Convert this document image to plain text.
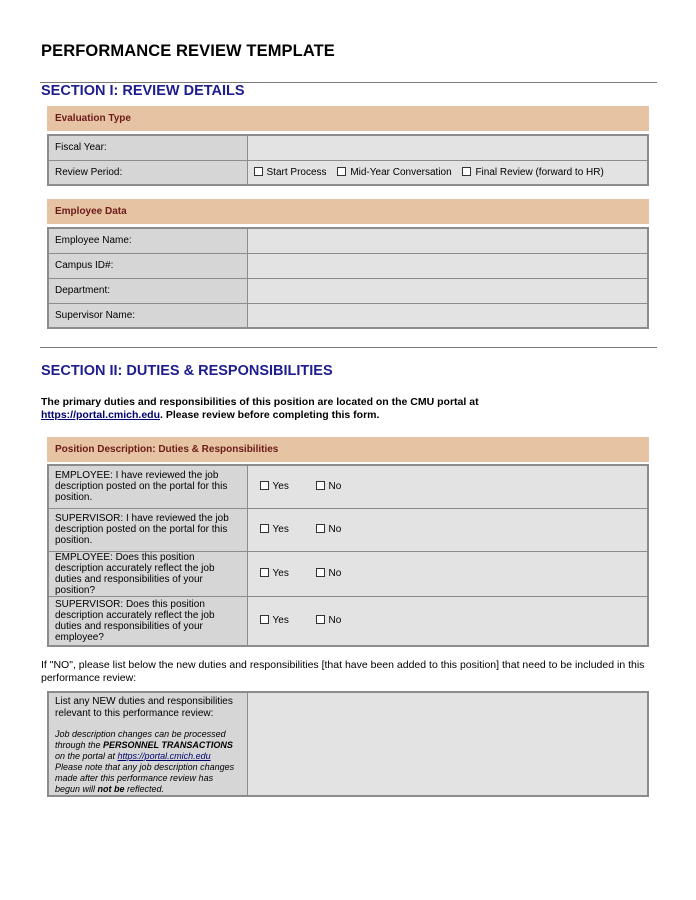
PERFORMANCE REVIEW TEMPLATE
SECTION I: REVIEW DETAILS
Evaluation Type
Fiscal Year:	
Review Period:	Start Process Mid-Year Conversation Final Review (forward to HR)
Employee Data
Employee Name:	
Campus ID#:	
Department:	
Supervisor Name:	
SECTION II: DUTIES & RESPONSIBILITIES
The primary duties and responsibilities of this position are located on the CMU portal at https://portal.cmich.edu. Please review before completing this form.
Position Description: Duties & Responsibilities
EMPLOYEE: I have reviewed the job description posted on the portal for this position.	Yes No

SUPERVISOR: I have reviewed the job description posted on the portal for this position.	Yes No

EMPLOYEE: Does this position description accurately reflect the job duties and responsibilities of your position?	Yes No

SUPERVISOR: Does this position description accurately reflect the job duties and responsibilities of your employee?	Yes No
If "NO", please list below the new duties and responsibilities [that have been added to this position] that need to be included in this performance review:
List any NEW duties and responsibilities relevant to this performance review:
Job description changes can be processed through the PERSONNEL TRANSACTIONS on the portal at https://portal.cmich.edu Please note that any job description changes made after this performance review has begun will not be reflected.
